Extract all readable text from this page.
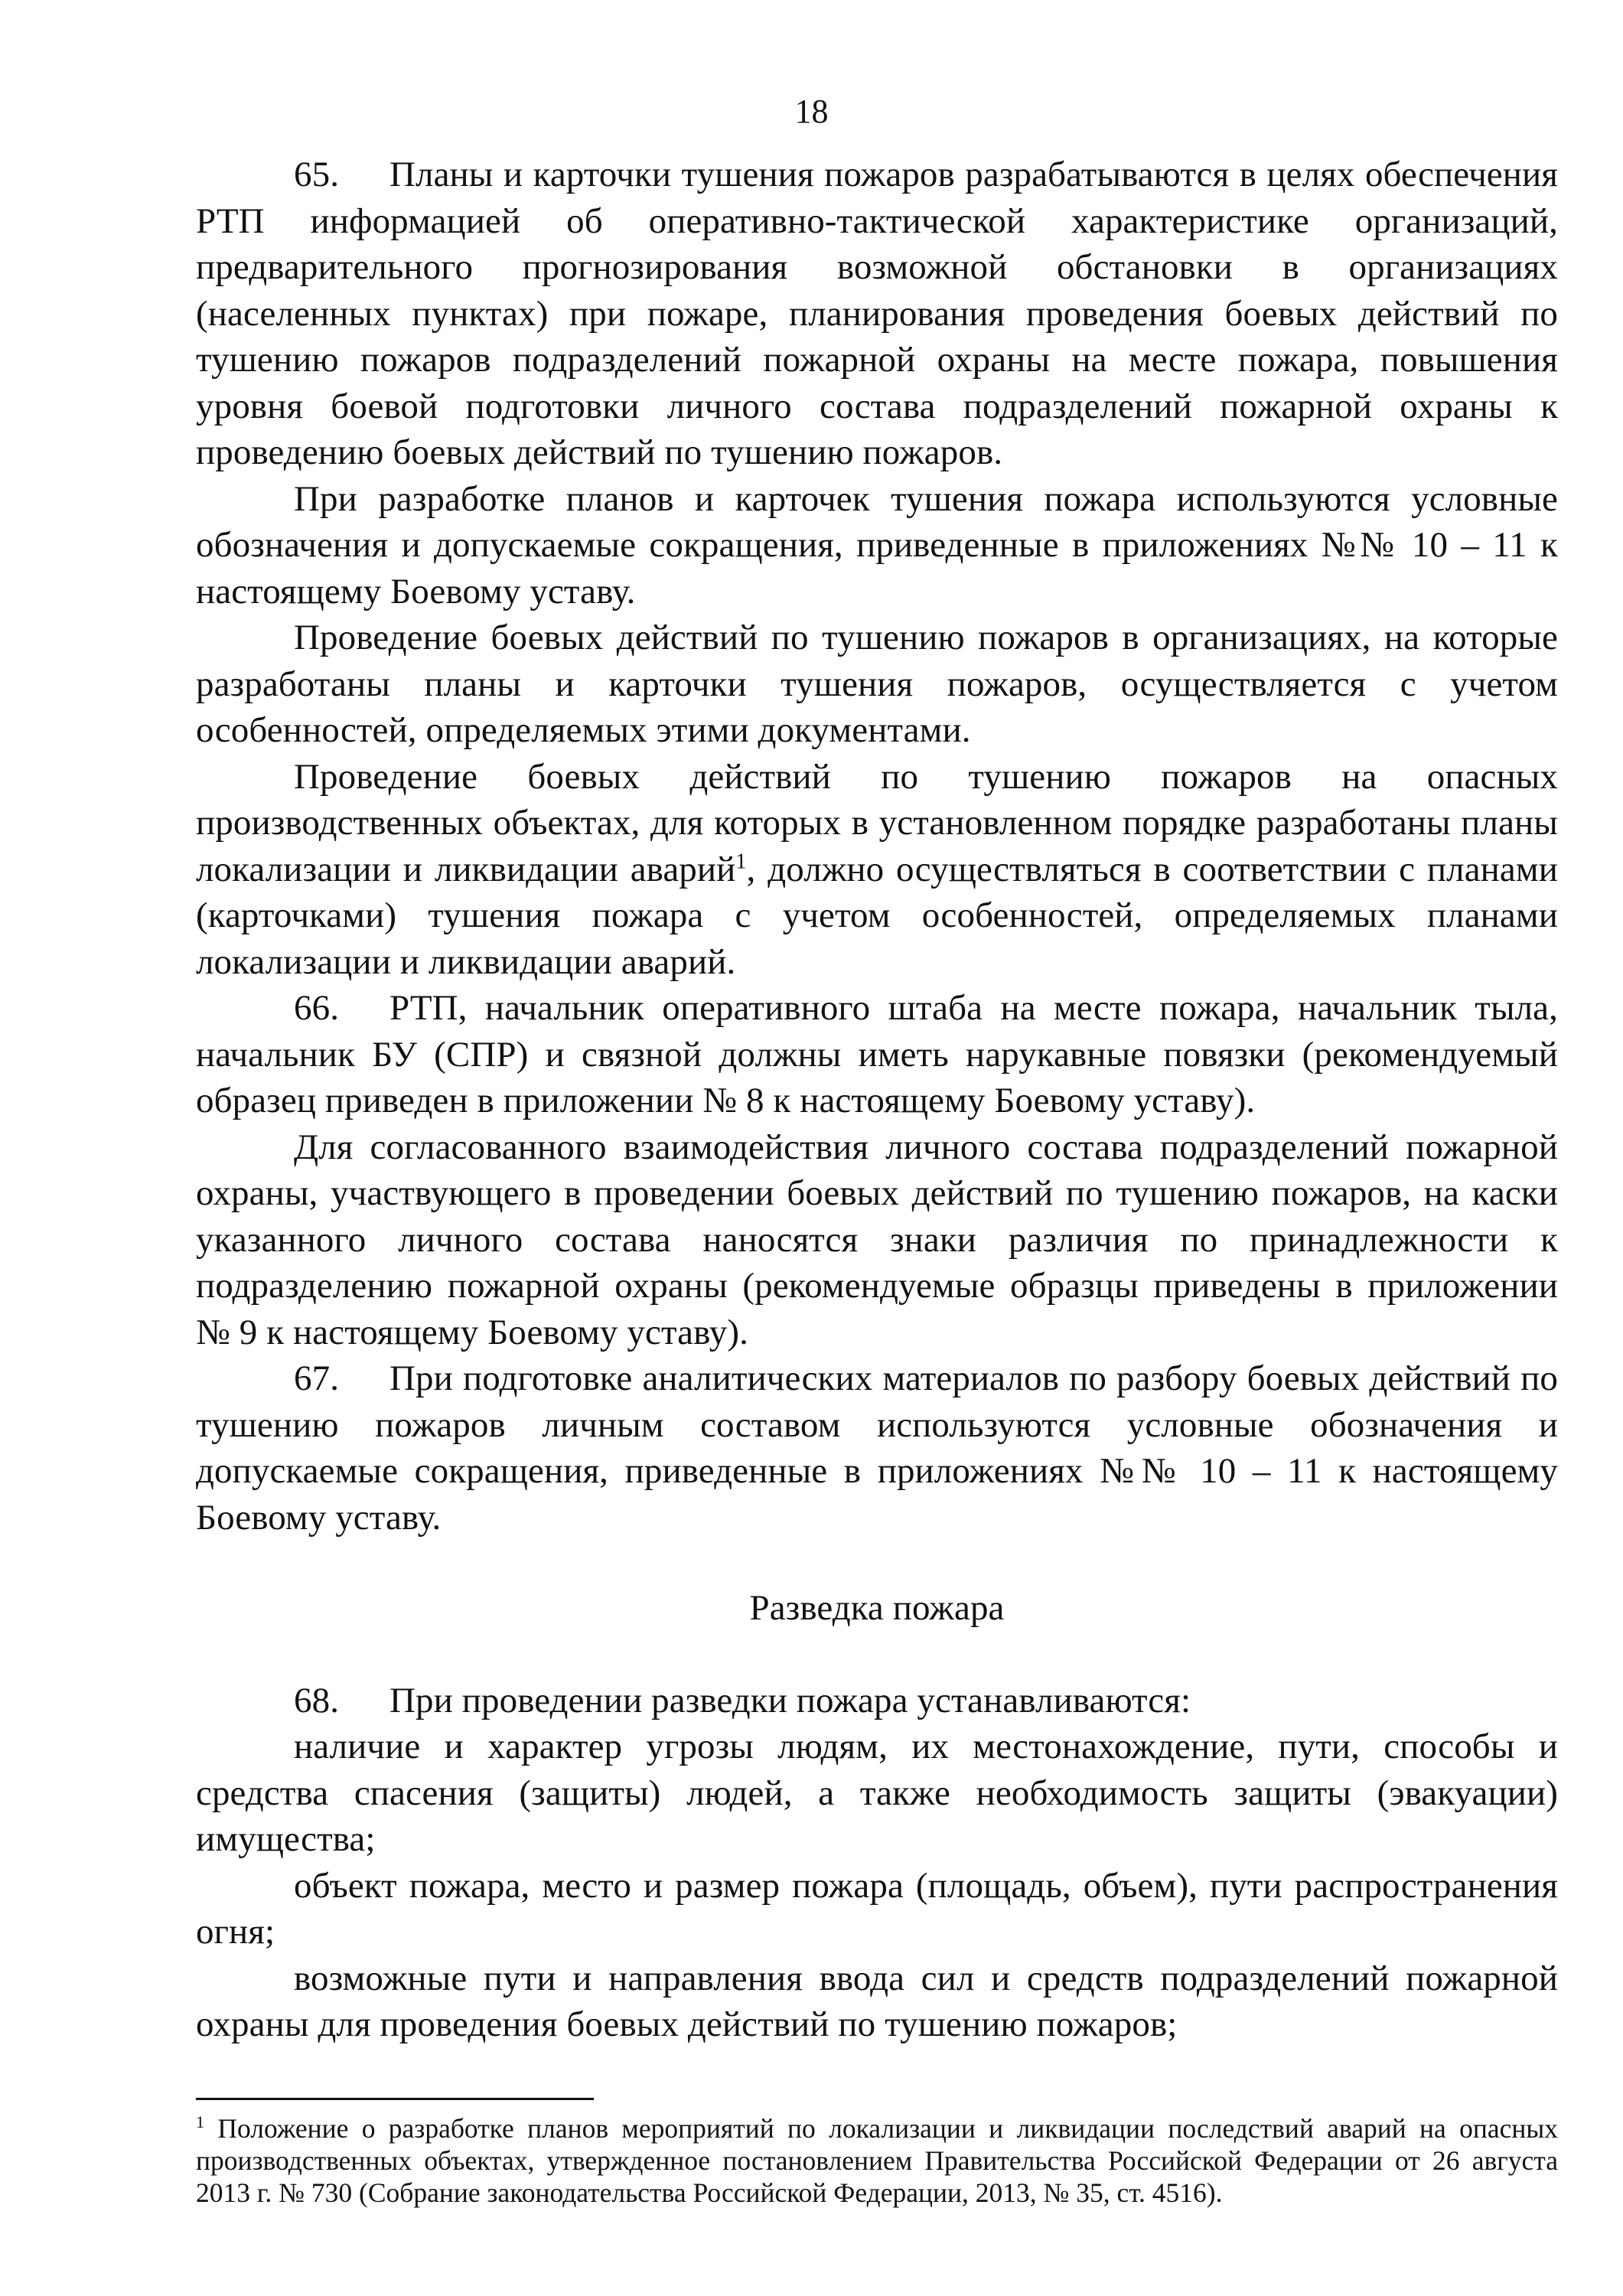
18

65. Планы и карточки тушения пожаров разрабатываются в целях обеспечения РТП информацией об оперативно-тактической характеристике организаций, предварительного прогнозирования возможной обстановки в организациях (населенных пунктах) при пожаре, планирования проведения боевых действий по тушению пожаров подразделений пожарной охраны на месте пожара, повышения уровня боевой подготовки личного состава подразделений пожарной охраны к проведению боевых действий по тушению пожаров.

При разработке планов и карточек тушения пожара используются условные обозначения и допускаемые сокращения, приведенные в приложениях №№ 10 – 11 к настоящему Боевому уставу.

Проведение боевых действий по тушению пожаров в организациях, на которые разработаны планы и карточки тушения пожаров, осуществляется с учетом особенностей, определяемых этими документами.

Проведение боевых действий по тушению пожаров на опасных производственных объектах, для которых в установленном порядке разработаны планы локализации и ликвидации аварий$^1$, должно осуществляться в соответствии с планами (карточками) тушения пожара с учетом особенностей, определяемых планами локализации и ликвидации аварий.

66. РТП, начальник оперативного штаба на месте пожара, начальник тыла, начальник БУ (СПР) и связной должны иметь нарукавные повязки (рекомендуемый образец приведен в приложении № 8 к настоящему Боевому уставу).

Для согласованного взаимодействия личного состава подразделений пожарной охраны, участвующего в проведении боевых действий по тушению пожаров, на каски указанного личного состава наносятся знаки различия по принадлежности к подразделению пожарной охраны (рекомендуемые образцы приведены в приложении № 9 к настоящему Боевому уставу).

67. При подготовке аналитических материалов по разбору боевых действий по тушению пожаров личным составом используются условные обозначения и допускаемые сокращения, приведенные в приложениях №№ 10 – 11 к настоящему Боевому уставу.

Разведка пожара

68. При проведении разведки пожара устанавливаются:

наличие и характер угрозы людям, их местонахождение, пути, способы и средства спасения (защиты) людей, а также необходимость защиты (эвакуации) имущества;

объект пожара, место и размер пожара (площадь, объем), пути распространения огня;

возможные пути и направления ввода сил и средств подразделений пожарной охраны для проведения боевых действий по тушению пожаров;

$^1$ Положение о разработке планов мероприятий по локализации и ликвидации последствий аварий на опасных производственных объектах, утвержденное постановлением Правительства Российской Федерации от 26 августа 2013 г. № 730 (Собрание законодательства Российской Федерации, 2013, № 35, ст. 4516).
